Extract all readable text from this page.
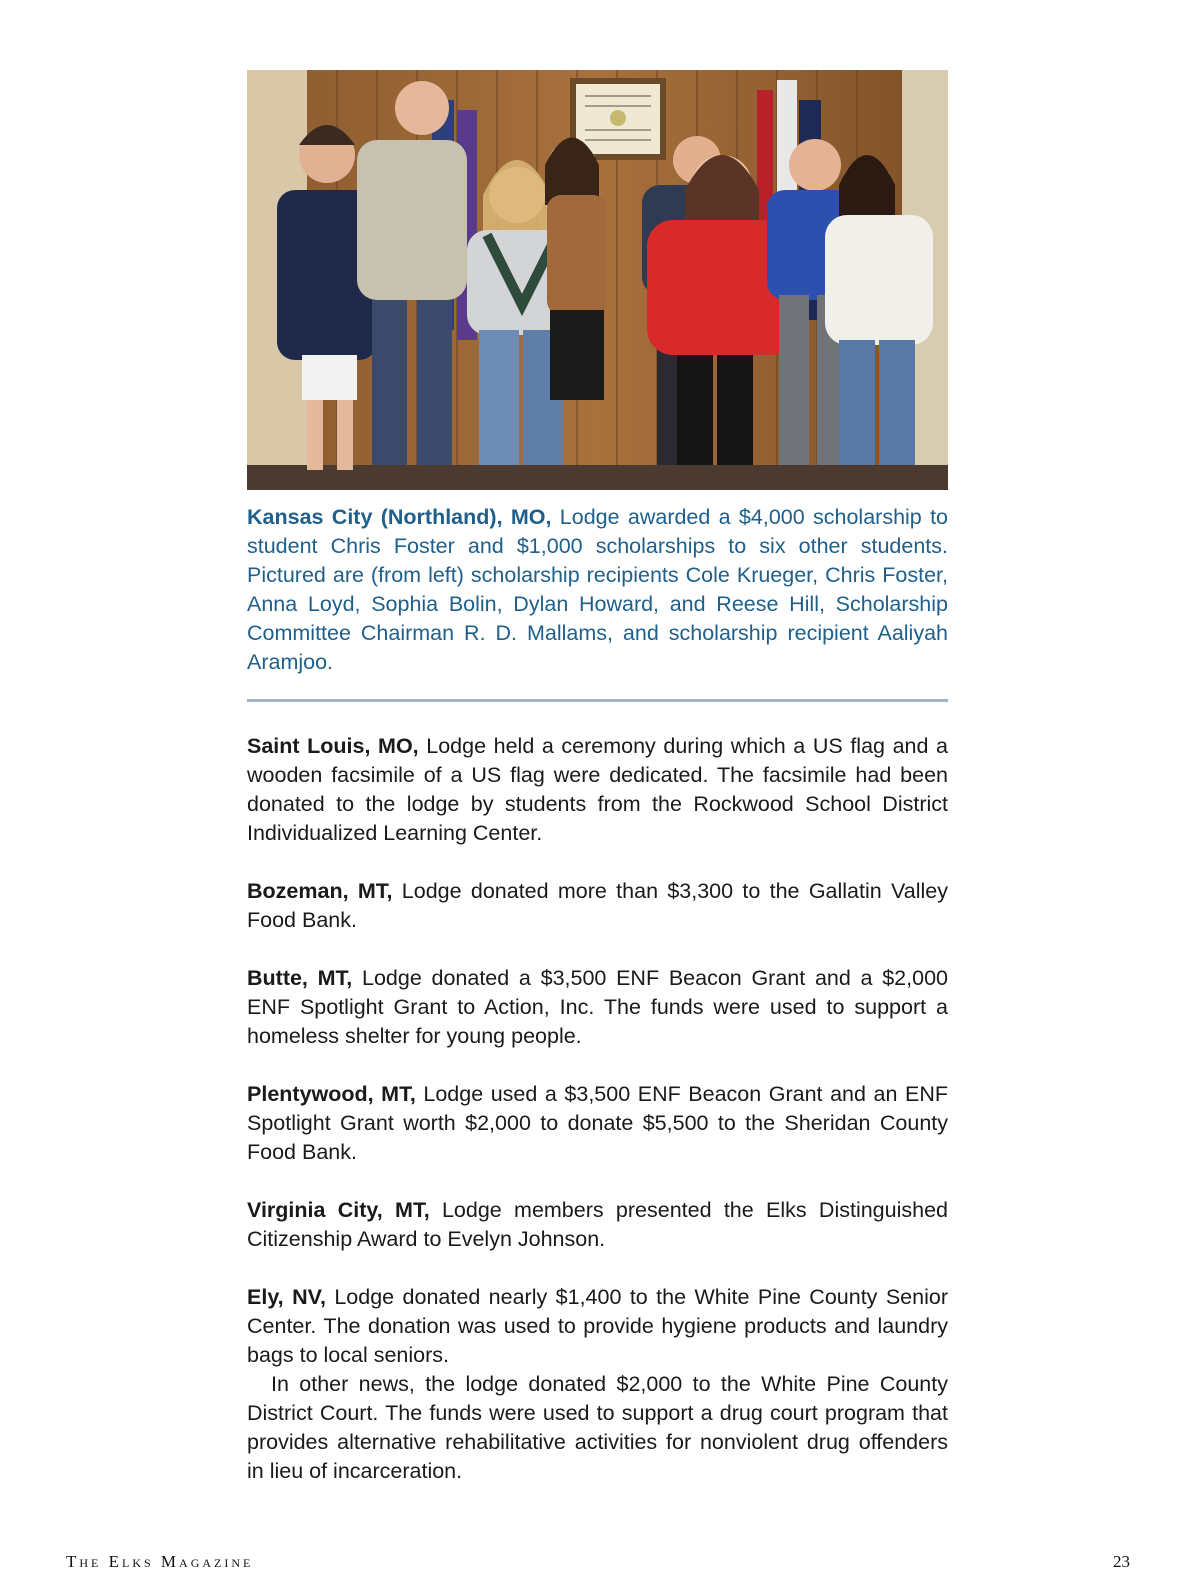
Kansas City (Northland), MO, Lodge awarded a $4,000 scholarship to student Chris Foster and $1,000 scholarships to six other students. Pictured are (from left) scholarship recipients Cole Krueger, Chris Foster, Anna Loyd, Sophia Bolin, Dylan Howard, and Reese Hill, Scholarship Committee Chairman R. D. Mallams, and scholarship recipient Aaliyah Aramjoo.

Saint Louis, MO, Lodge held a ceremony during which a US flag and a wooden facsimile of a US flag were dedicated. The facsimile had been donated to the lodge by students from the Rockwood School District Individualized Learning Center.

Bozeman, MT, Lodge donated more than $3,300 to the Gallatin Valley Food Bank.

Butte, MT, Lodge donated a $3,500 ENF Beacon Grant and a $2,000 ENF Spotlight Grant to Action, Inc. The funds were used to support a homeless shelter for young people.

Plentywood, MT, Lodge used a $3,500 ENF Beacon Grant and an ENF Spotlight Grant worth $2,000 to donate $5,500 to the Sheridan County Food Bank.

Virginia City, MT, Lodge members presented the Elks Distinguished Citizenship Award to Evelyn Johnson.

Ely, NV, Lodge donated nearly $1,400 to the White Pine County Senior Center. The donation was used to provide hygiene products and laundry bags to local seniors.

In other news, the lodge donated $2,000 to the White Pine County District Court. The funds were used to support a drug court program that provides alternative rehabilitative activities for nonviolent drug offenders in lieu of incarceration.

The Elks Magazine	23
